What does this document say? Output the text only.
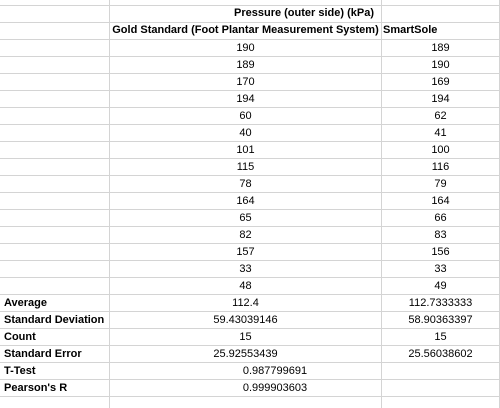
Pressure (outer side) (kPa)
Gold Standard (Foot Plantar Measurement System) SmartSole
190	189
189	190
170	169
194	194
60	62
40	41
101	100
115	116
78	79
164	164
65	66
82	83
157	156
33	33
48	49
Average	112.4	112.7333333
Standard Deviation	59.43039146	58.90363397
Count	15	15
Standard Error	25.92553439	25.56038602
T-Test	0.987799691
Pearson's R	0.999903603
